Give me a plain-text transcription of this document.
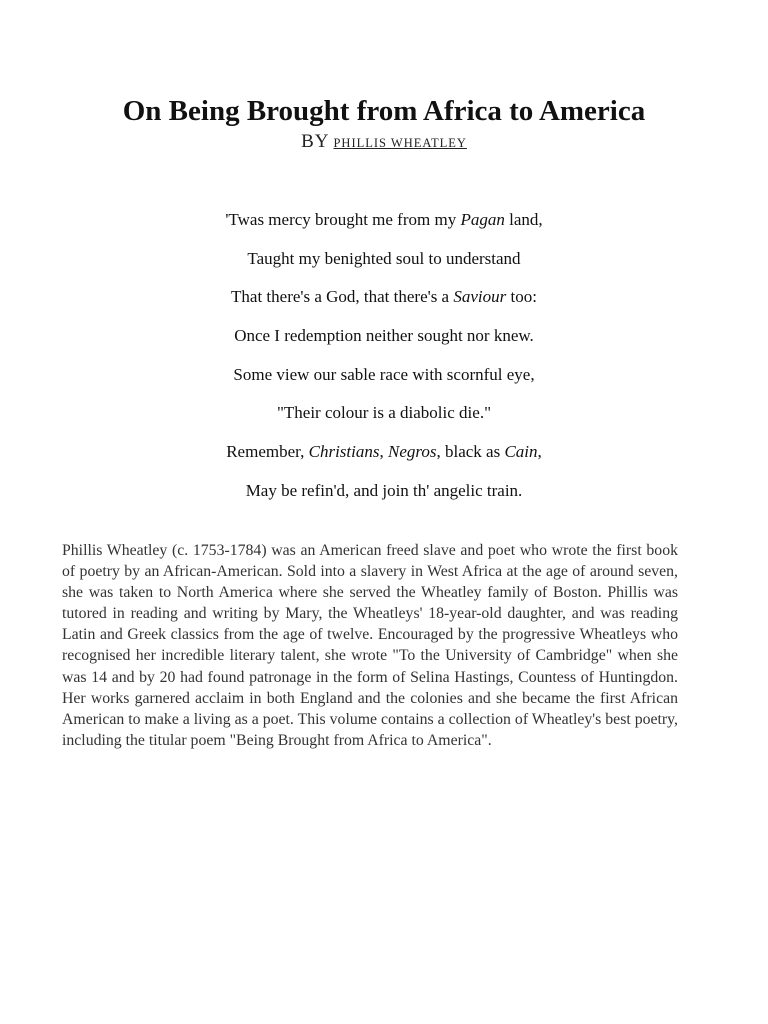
On Being Brought from Africa to America
BY PHILLIS WHEATLEY
'Twas mercy brought me from my Pagan land,
Taught my benighted soul to understand
That there's a God, that there's a Saviour too:
Once I redemption neither sought nor knew.
Some view our sable race with scornful eye,
"Their colour is a diabolic die."
Remember, Christians, Negros, black as Cain,
May be refin'd, and join th' angelic train.

Phillis Wheatley (c. 1753-1784) was an American freed slave and poet who wrote the first book of poetry by an African-American. Sold into a slavery in West Africa at the age of around seven, she was taken to North America where she served the Wheatley family of Boston. Phillis was tutored in reading and writing by Mary, the Wheatleys' 18-year-old daughter, and was reading Latin and Greek classics from the age of twelve. Encouraged by the progressive Wheatleys who recognised her incredible literary talent, she wrote "To the University of Cambridge" when she was 14 and by 20 had found patronage in the form of Selina Hastings, Countess of Huntingdon. Her works garnered acclaim in both England and the colonies and she became the first African American to make a living as a poet. This volume contains a collection of Wheatley's best poetry, including the titular poem "Being Brought from Africa to America".
